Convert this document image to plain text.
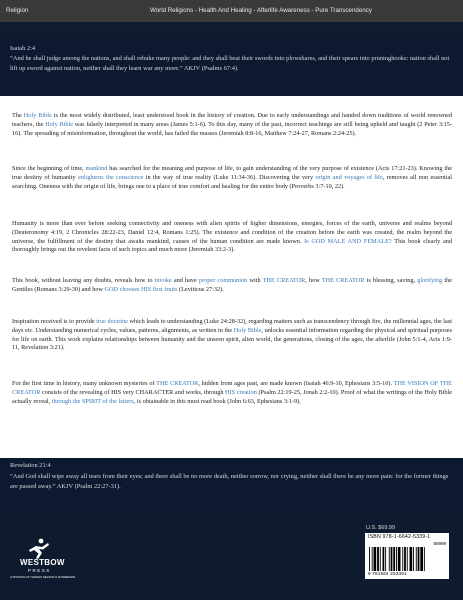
Religion	World Religions - Health And Healing - Afterlife Awareness - Pure Transcendency
Isaiah 2:4
“And he shall judge among the nations, and shall rebuke many people: and they shall beat their swords into plowshares, and their spears into pruninghooks: nation shall not lift up sword against nation, neither shall they learn war any more.” AKJV (Psalms 67:4).

The Holy Bible is the most widely distributed, least understood book in the history of creation. Due to early understandings and handed down traditions of world renowned teachers, the Holy Bible was falsely interpreted in many areas (James 5:1-6). To this day, many of the past, incorrect teachings are still being upheld and taught (2 Peter 3:15-16). The spreading of misinformation, throughout the world, has failed the masses (Jeremiah 8:8-16, Matthew 7:24-27, Romans 2:24-25).

Since the beginning of time, mankind has searched for the meaning and purpose of life, to gain understanding of the very purpose of existence (Acts 17:21-23). Knowing the true destiny of humanity enlightens the conscience in the way of true reality (Luke 11:34-36). Discovering the very origin and voyages of life, removes all non essential searching. Oneness with the origin of life, brings one to a place of true comfort and healing for the entire body (Proverbs 3:7-10, 22).

Humanity is more than ever before seeking connectivity and oneness with alien spirits of higher dimensions, energies, forces of the earth, universe and realms beyond (Deuteronomy 4:19, 2 Chronicles 28:22-23, Daniel 12:4, Romans 1:25). The existence and condition of the creation before the earth was created, the realm beyond the universe, the fulfillment of the destiny that awaits mankind, causes of the human condition are made known. Is GOD MALE AND FEMALE? This book clearly and thoroughly brings out the revelent facts of such topics and much more (Jeremiah 33:2-3).

This book, without leaving any doubts, reveals how to invoke and have proper communion with THE CREATOR, how THE CREATOR is blessing, saving, glorifying the Gentiles (Romans 3:29-30) and how GOD chooses HIS first fruits (Leviticus 27:32).

Inspiration received is to provide true doctrine which leads to understanding (Luke 24:28-32), regarding matters such as transcendency through fire, the millennial ages, the last days etc. Understanding numerical cycles, values, patterns, alignments, as written in the Holy Bible, unlocks essential information regarding the physical and spiritual purposes for life on earth. This work explains relationships between humanity and the unseen spirit, alien world, the generations, closing of the ages, the afterlife (John 5:1-4, Acts 1:9-11, Revelation 3:21).

For the first time in history, many unknown mysteries of THE CREATOR, hidden from ages past, are made known (Isaiah 46:9-10, Ephesians 3:5-10). THE VISION OF THE CREATOR consists of the revealing of HIS very CHARACTER and works, through HIS creation (Psalm 22:19-25, Jonah 2:2-10). Proof of what the writings of the Holy Bible actually reveal, through the SPIRIT of the letters, is obtainable in this must read book (John 6:63, Ephesians 3:1-9).

Revelation 21:4
“And God shall wipe away all tears from their eyes; and there shall be no more death, neither sorrow, nor crying, neither shall there be any more pain: for the former things are passed away.” AKJV (Psalm 22:27-31).
WESTBOW
PRESS
A DIVISION OF THOMAS NELSON & ZONDERVAN
U.S. $69.99
ISBN 978-1-6642-5339-1
56999
9 781664 253391
